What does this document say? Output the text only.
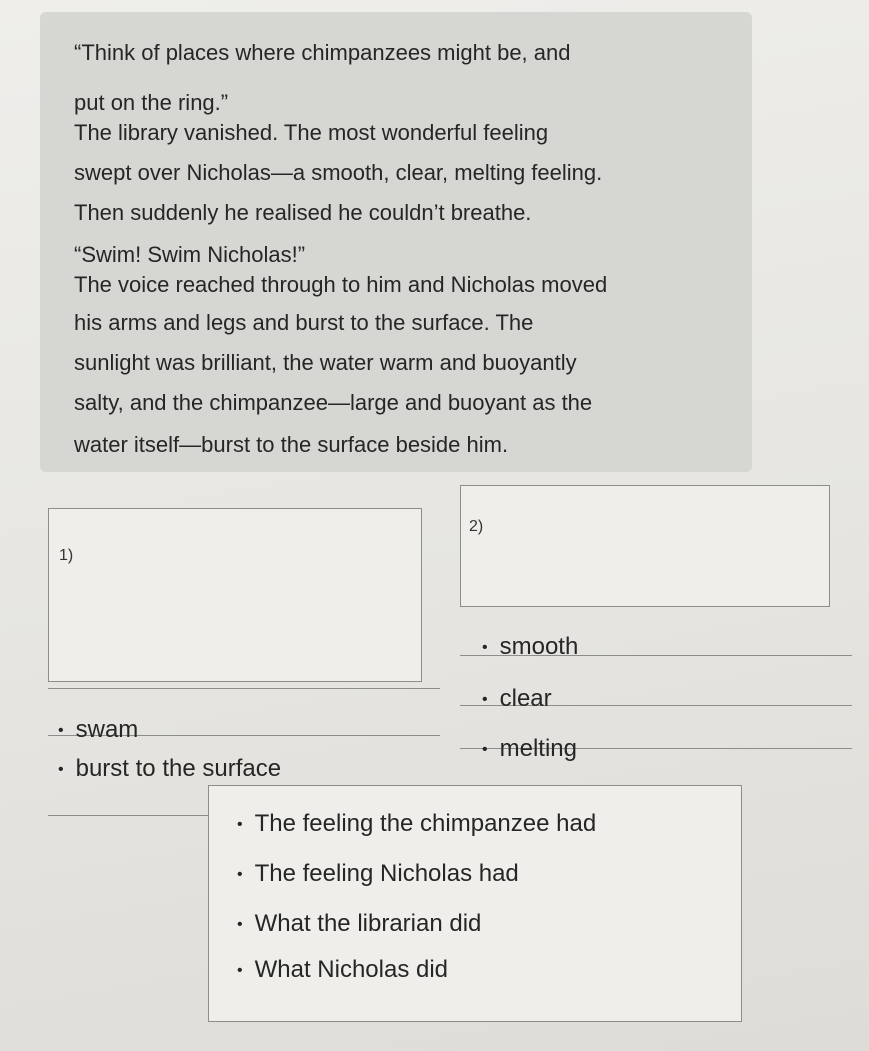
“Think of places where chimpanzees might be, and
put on the ring.”
The library vanished. The most wonderful feeling
swept over Nicholas—a smooth, clear, melting feeling.
Then suddenly he realised he couldn’t breathe.
“Swim! Swim Nicholas!”
The voice reached through to him and Nicholas moved
his arms and legs and burst to the surface. The
sunlight was brilliant, the water warm and buoyantly
salty, and the chimpanzee—large and buoyant as the
water itself—burst to the surface beside him.
1)
• swam
• burst to the surface
2)
• smooth
• clear
• melting
• The feeling the chimpanzee had
• The feeling Nicholas had
• What the librarian did
• What Nicholas did
